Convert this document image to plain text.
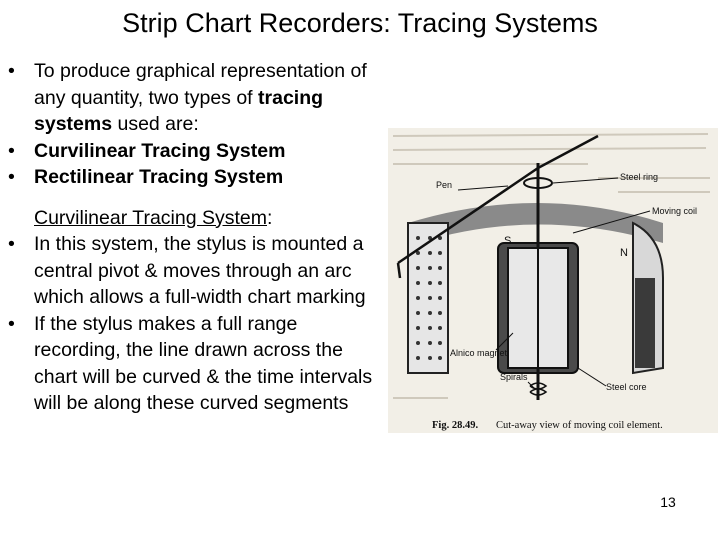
Strip Chart Recorders: Tracing Systems
• To produce graphical representation of any quantity, two types of tracing systems used are:
• Curvilinear Tracing System
• Rectilinear Tracing System
Curvilinear Tracing System:
• In this system, the stylus is mounted a central pivot & moves through an arc which allows a full-width chart marking
• If the stylus makes a full range recording, the line drawn across the chart will be curved & the time intervals will be along these curved segments
Pen
Steel ring
Moving coil
S
N
Alnico magnet
Spirals
Steel core
Fig. 28.49. Cut-away view of moving coil element.
13
